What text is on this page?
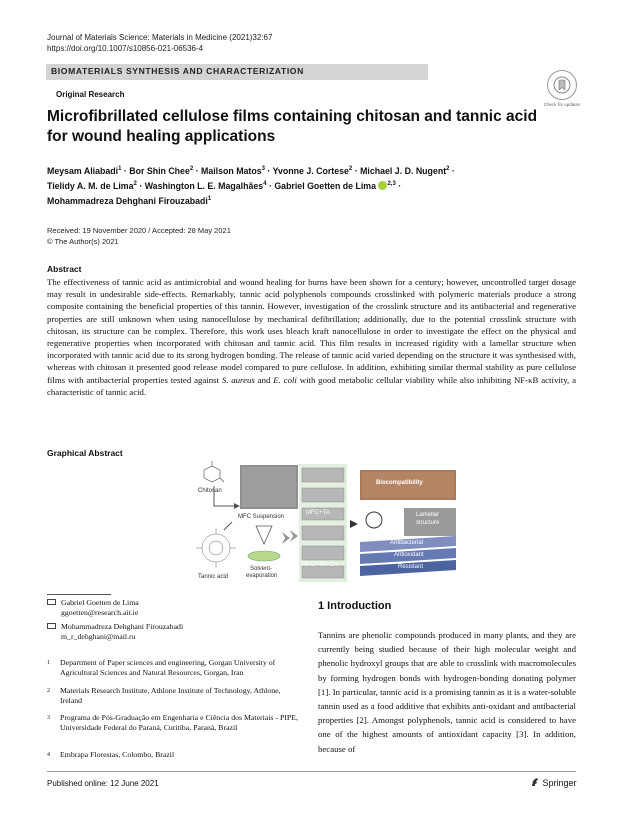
Journal of Materials Science: Materials in Medicine (2021)32:67
https://doi.org/10.1007/s10856-021-06536-4
BIOMATERIALS SYNTHESIS AND CHARACTERIZATION
Check for updates
Original Research
Microfibrillated cellulose films containing chitosan and tannic acid
for wound healing applications
Meysam Aliabadi$^1$ · Bor Shin Chee$^2$ · Mailson Matos$^3$ · Yvonne J. Cortese$^2$ · Michael J. D. Nugent$^2$ ·
Tielidy A. M. de Lima$^2$ · Washington L. E. Magalhães$^4$ · Gabriel Goetten de Lima $^{2,3}$ ·
Mohammadreza Dehghani Firouzabadi$^1$
Received: 19 November 2020 / Accepted: 28 May 2021
© The Author(s) 2021
Abstract
The effectiveness of tannic acid as antimicrobial and wound healing for burns have been shown for a century; however, uncontrolled target dosage may result in undesirable side-effects. Remarkably, tannic acid polyphenols compounds crosslinked with polymeric materials produce a strong composite containing the beneficial properties of this tannin. However, investigation of the crosslink structure and its antibacterial and regenerative properties are still unknown when using nanocellulose by mechanical defibrillation; additionally, due to the potential crosslink structure with chitosan, its structure can be complex. Therefore, this work uses bleach kraft nanocellulose in order to investigate the effect on the physical and regenerative properties when incorporated with chitosan and tannic acid. This film results in increased rigidity with a lamellar structure when incorporated with tannic acid due to its strong hydrogen bonding. The release of tannic acid varied depending on the structure it was synthesised with, whereas with chitosan it presented good release model compared to pure cellulose. In addition, exhibiting similar thermal stability as pure cellulose films with antibacterial properties tested against S. aureus and E. coli with good metabolic cellular viability while also inhibiting NF-κB activity, a characteristic of tannic acid.
Graphical Abstract
Chitosan
MFC Suspension
Tannic acid
Solvent-
evaporation
MFC+TA
MFC+TA+CH
Biocompatibility
Lamellar
structure
Antibacterial
Antioxidant
Resistant
Gabriel Goetten de Lima
ggoetten@research.ait.ie
Mohammadreza Dehghani Firouzabadi
m_r_dehghani@mail.ru
1 Department of Paper sciences and engineering, Gorgan University of Agricultural Sciences and Natural Resources, Gorgan, Iran
2 Materials Research Institute, Athlone Institute of Technology, Athlone, Ireland
3 Programa de Pós-Graduação em Engenharia e Ciência dos Materiais - PIPE, Universidade Federal do Paraná, Curitiba, Paraná, Brazil
4 Embrapa Florestas, Colombo, Brazil
1 Introduction
Tannins are phenolic compounds produced in many plants, and they are currently being studied because of their high molecular weight and phenolic hydroxyl groups that are able to crosslink with macromolecules by forming hydrogen bonds with hydrogen-bonding donating polymer [1]. In particular, tannic acid is a promising tannin as it is a water-soluble tannin used as a food additive that exhibits anti-oxidant and antibacterial properties [2]. Amongst polyphenols, tannic acid is considered to have one of the highest amounts of antioxidant capacity [3]. In addition, because of
Published online: 12 June 2021	Springer
